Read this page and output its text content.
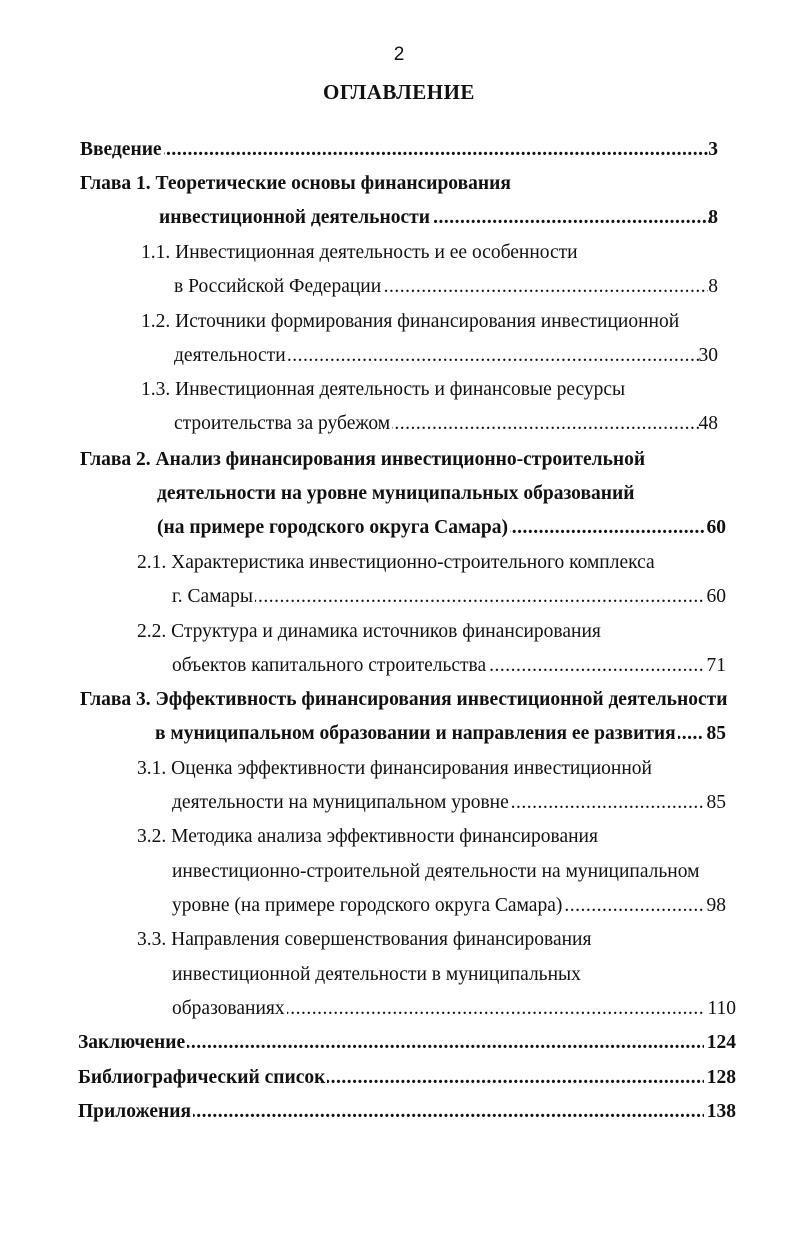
2
ОГЛАВЛЕНИЕ
.....
Введение	3
Глава 1. Теоретические основы финансирования
.....
инвестиционной деятельности	8
1.1. Инвестиционная деятельность и ее особенности
.....
в Российской Федерации	8
1.2. Источники формирования финансирования инвестиционной
.....
деятельности	30
1.3. Инвестиционная деятельность и финансовые ресурсы
.....
строительства за рубежом	48
Глава 2. Анализ финансирования инвестиционно-строительной
деятельности на уровне муниципальных образований
.....
(на примере городского округа Самара)	60
2.1. Характеристика инвестиционно-строительного комплекса
.....
г. Самары	60
2.2. Структура и динамика источников финансирования
.....
объектов капитального строительства	71
Глава 3. Эффективность финансирования инвестиционной деятельности
.....
в муниципальном образовании и направления ее развития 85
3.1. Оценка эффективности финансирования инвестиционной
.....
деятельности на муниципальном уровне	85
3.2. Методика анализа эффективности финансирования
инвестиционно-строительной деятельности на муниципальном
.....
уровне (на примере городского округа Самара)	98
3.3. Направления совершенствования финансирования
инвестиционной деятельности в муниципальных
.....
образованиях	110
.....
Заключение	124
.....
Библиографический список	128
.....
Приложения	138
